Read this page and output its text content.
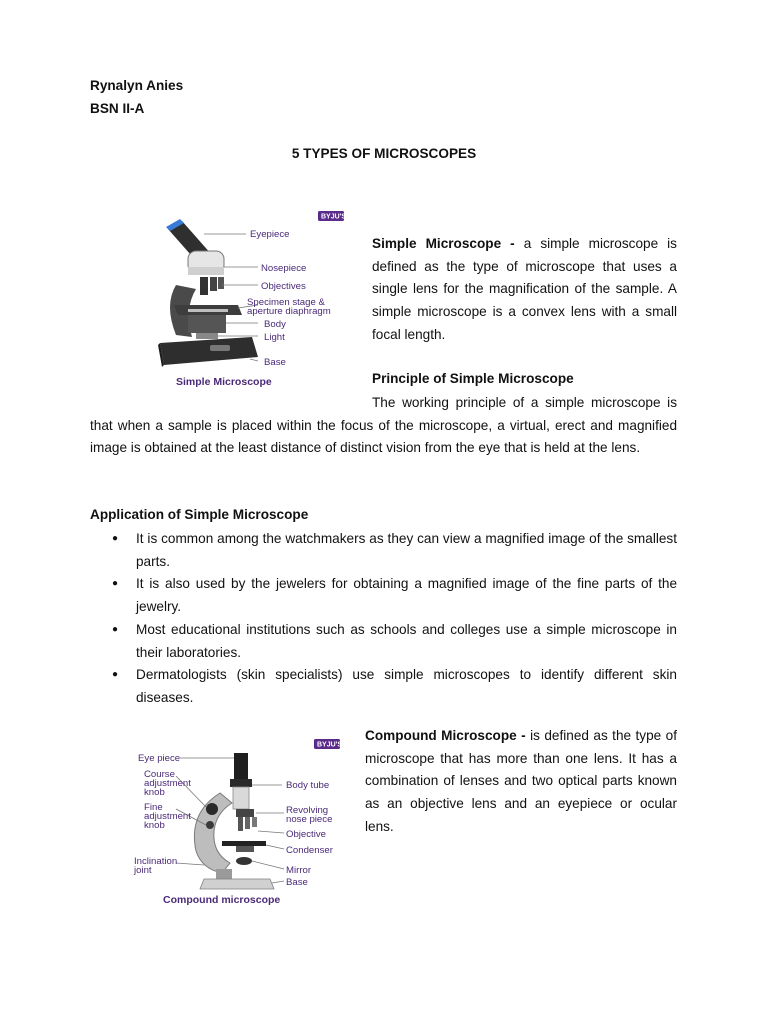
Rynalyn Anies
BSN II-A
5 TYPES OF MICROSCOPES
BYJU'S
Eyepiece
Nosepiece
Objectives
Specimen stage &
aperture diaphragm
Body
Light
Base
Simple Microscope
Simple Microscope - a simple microscope is defined as the type of microscope that uses a single lens for the magnification of the sample. A simple microscope is a convex lens with a small focal length.
Principle of Simple Microscope
The working principle of a simple microscope is that when a sample is placed within the focus of the microscope, a virtual, erect and magnified image is obtained at the least distance of distinct vision from the eye that is held at the lens.
Application of Simple Microscope
● It is common among the watchmakers as they can view a magnified image of the smallest parts.
● It is also used by the jewelers for obtaining a magnified image of the fine parts of the jewelry.
● Most educational institutions such as schools and colleges use a simple microscope in their laboratories.
● Dermatologists (skin specialists) use simple microscopes to identify different skin diseases.
BYJU'S
Eye piece
Course
adjustment
knob
Fine
adjustment
knob
Inclination
joint
Body tube
Revolving
nose piece
Objective
Condenser
Mirror
Base
Compound microscope
Compound Microscope - is defined as the type of microscope that has more than one lens. It has a combination of lenses and two optical parts known as an objective lens and an eyepiece or ocular lens.
